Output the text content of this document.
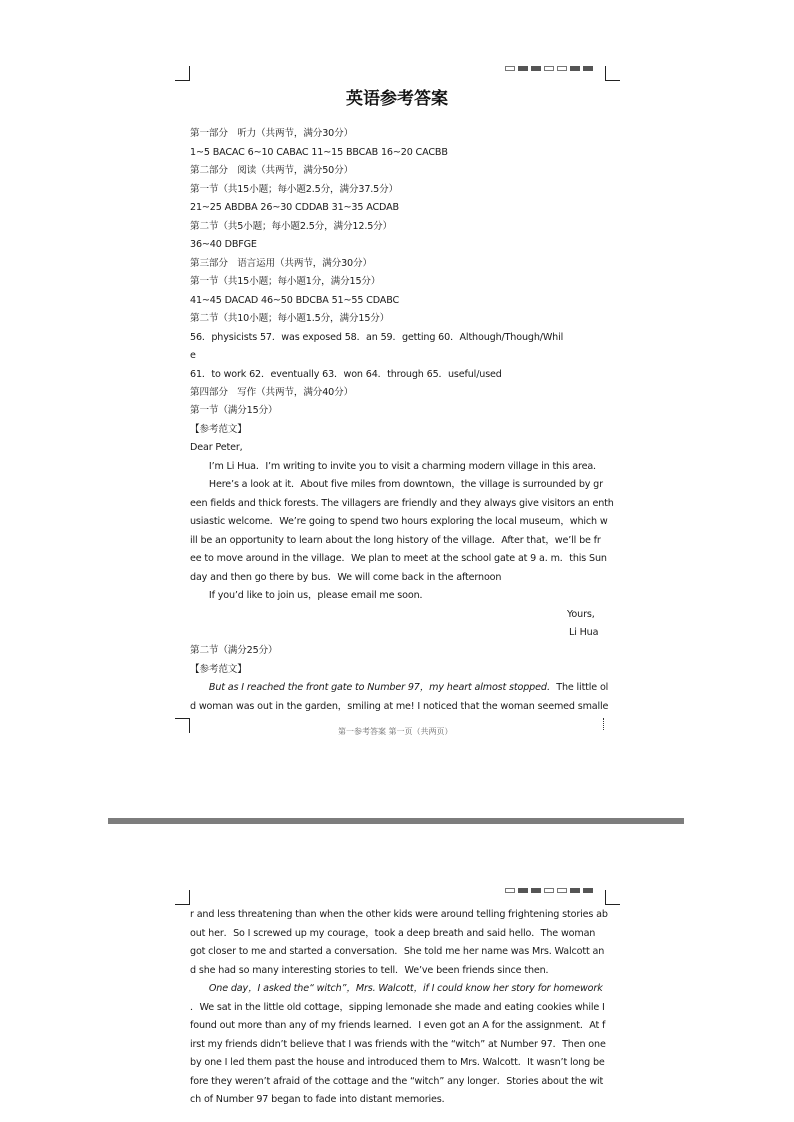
英语参考答案
第一部分　听力（共两节，满分30分）
1~5 BACAC 6~10 CABAC 11~15 BBCAB 16~20 CACBB
第二部分　阅读（共两节，满分50分）
第一节（共15小题；每小题2.5分，满分37.5分）
21~25 ABDBA 26~30 CDDAB 31~35 ACDAB
第二节（共5小题；每小题2.5分，满分12.5分）
36~40 DBFGE
第三部分　语言运用（共两节，满分30分）
第一节（共15小题；每小题1分，满分15分）
41~45 DACAD 46~50 BDCBA 51~55 CDABC
第二节（共10小题；每小题1.5分，满分15分）
56．physicists 57．was exposed 58．an 59．getting 60．Although/Though/Whil
e
61．to work 62．eventually 63．won 64．through 65．useful/used
第四部分　写作（共两节，满分40分）
第一节（满分15分）
【参考范文】
Dear Peter,
　　I’m Li Hua．I’m writing to invite you to visit a charming modern village in this area．
　　Here’s a look at it．About five miles from downtown，the village is surrounded by gr
een fields and thick forests. The villagers are friendly and they always give visitors an enth
usiastic welcome．We’re going to spend two hours exploring the local museum，which w
ill be an opportunity to learn about the long history of the village．After that，we’ll be fr
ee to move around in the village．We plan to meet at the school gate at 9 a. m．this Sun
day and then go there by bus．We will come back in the afternoon
　　If you’d like to join us，please email me soon．
Yours,
Li Hua
第二节（满分25分）
【参考范文】
　　But as I reached the front gate to Number 97，my heart almost stopped．The little ol
d woman was out in the garden，smiling at me! I noticed that the woman seemed smalle
第一参考答案 第一页（共两页）
r and less threatening than when the other kids were around telling frightening stories ab
out her．So I screwed up my courage，took a deep breath and said hello．The woman
got closer to me and started a conversation．She told me her name was Mrs. Walcott an
d she had so many interesting stories to tell．We’ve been friends since then．
　　One day，I asked the“ witch”，Mrs. Walcott，if I could know her story for homework
．We sat in the little old cottage，sipping lemonade she made and eating cookies while I
found out more than any of my friends learned．I even got an A for the assignment．At f
irst my friends didn’t believe that I was friends with the “witch” at Number 97．Then one
by one I led them past the house and introduced them to Mrs. Walcott．It wasn’t long be
fore they weren’t afraid of the cottage and the “witch” any longer．Stories about the wit
ch of Number 97 began to fade into distant memories．
